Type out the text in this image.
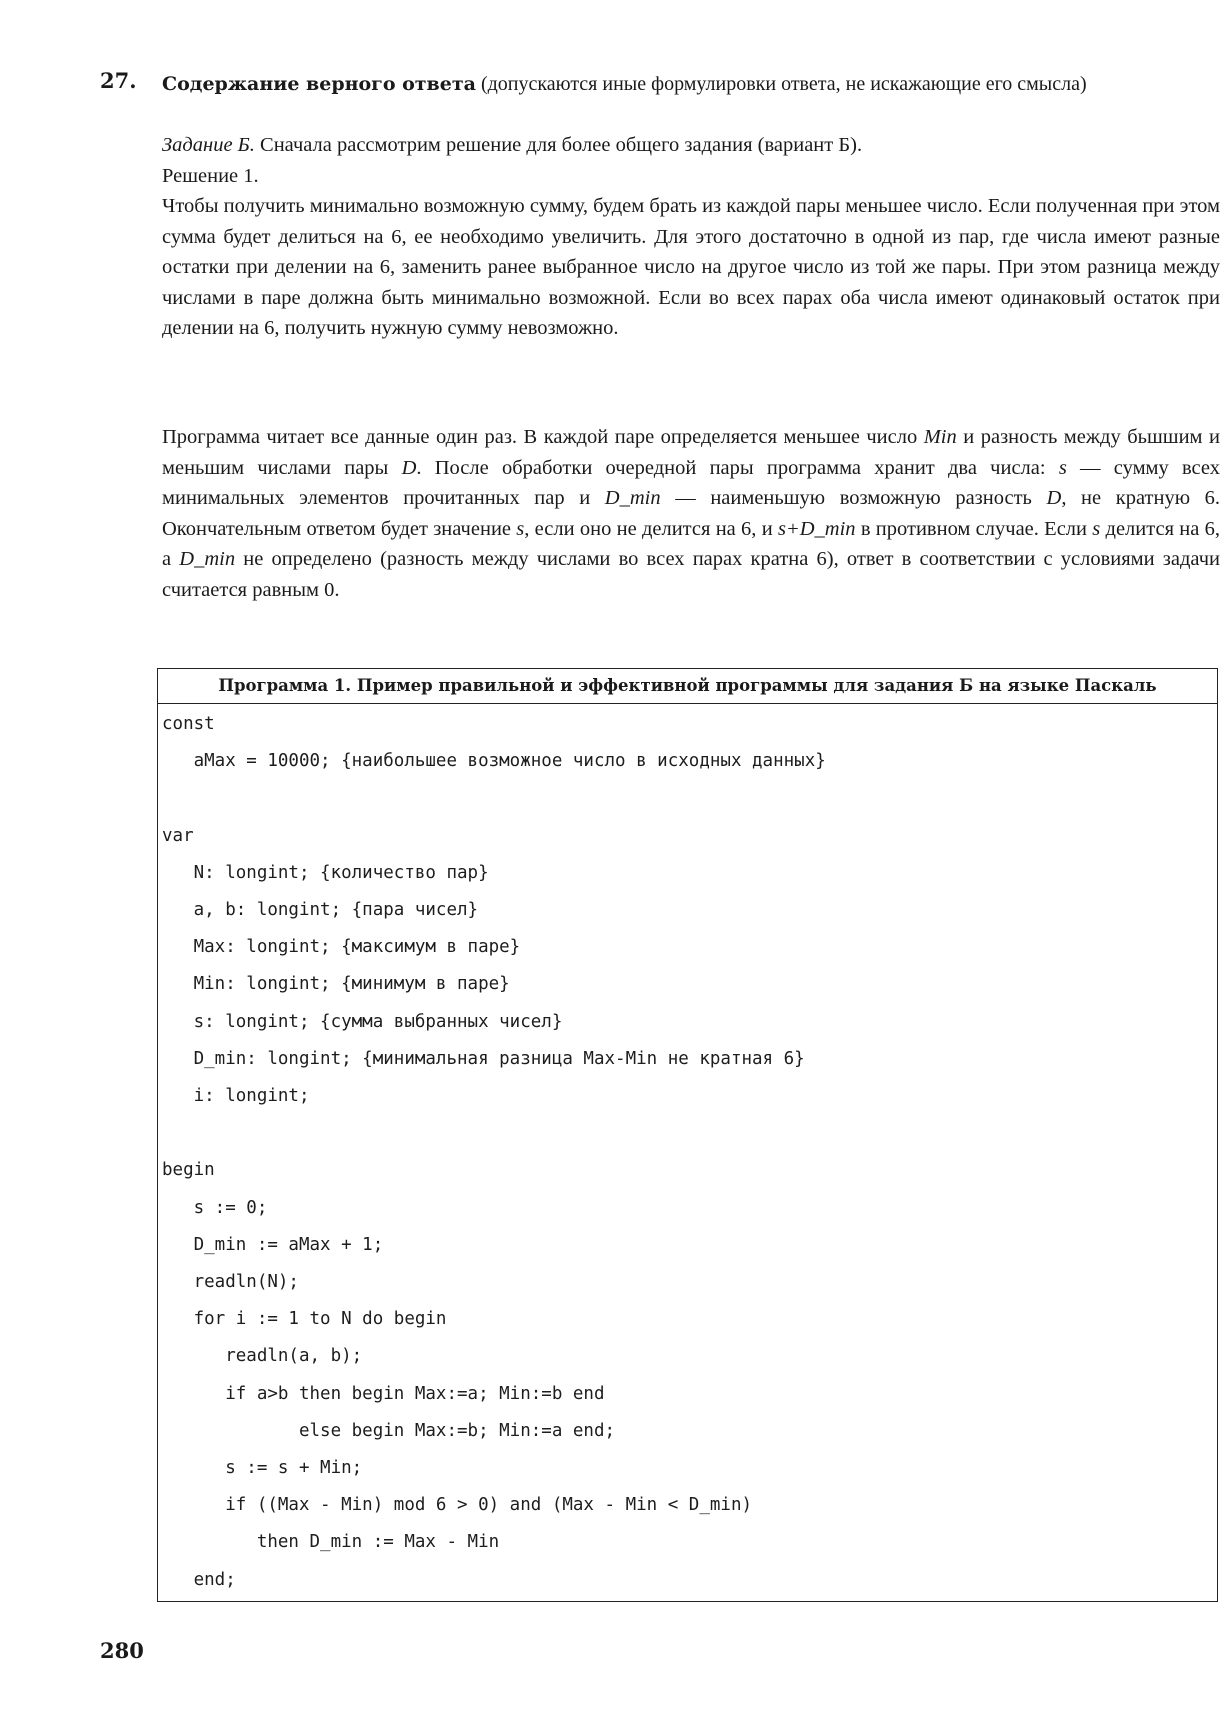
27. Содержание верного ответа (допускаются иные формулировки ответа, не искажающие его смысла)

Задание Б. Сначала рассмотрим решение для более общего задания (вариант Б).

Решение 1.

Чтобы получить минимально возможную сумму, будем брать из каждой пары меньшее число. Если полученная при этом сумма будет делиться на 6, ее необходимо увеличить. Для этого достаточно в одной из пар, где числа имеют разные остатки при делении на 6, заменить ранее выбранное число на другое число из той же пары. При этом разница между числами в паре должна быть минимально возможной. Если во всех парах оба числа имеют одинаковый остаток при делении на 6, получить нужную сумму невозможно.

Программа читает все данные один раз. В каждой паре определяется меньшее число Min и разность между бьшшим и меньшим числами пары D. После обработки очередной пары программа хранит два числа: s — сумму всех минимальных элементов прочитанных пар и D_min — наименьшую возможную разность D, не кратную 6. Окончательным ответом будет значение s, если оно не делится на 6, и s+D_min в противном случае. Если s делится на 6, а D_min не определено (разность между числами во всех парах кратна 6), ответ в соответствии с условиями задачи считается равным 0.

Программа 1. Пример правильной и эффективной программы для задания Б на языке Паскаль
const
aMax = 10000; {наибольшее возможное число в исходных данных}
var
N: longint; {количество пар}
a, b: longint; {пара чисел}
Max: longint; {максимум в паре}
Min: longint; {минимум в паре}
s: longint; {сумма выбранных чисел}
D_min: longint; {минимальная разница Max-Min не кратная 6}
i: longint;
begin
s := 0;
D_min := aMax + 1;
readln(N);
for i := 1 to N do begin
readln(a, b);
if a>b then begin Max:=a; Min:=b end
else begin Max:=b; Min:=a end;
s := s + Min;
if ((Max - Min) mod 6 > 0) and (Max - Min < D_min)
then D_min := Max - Min
end;
280
